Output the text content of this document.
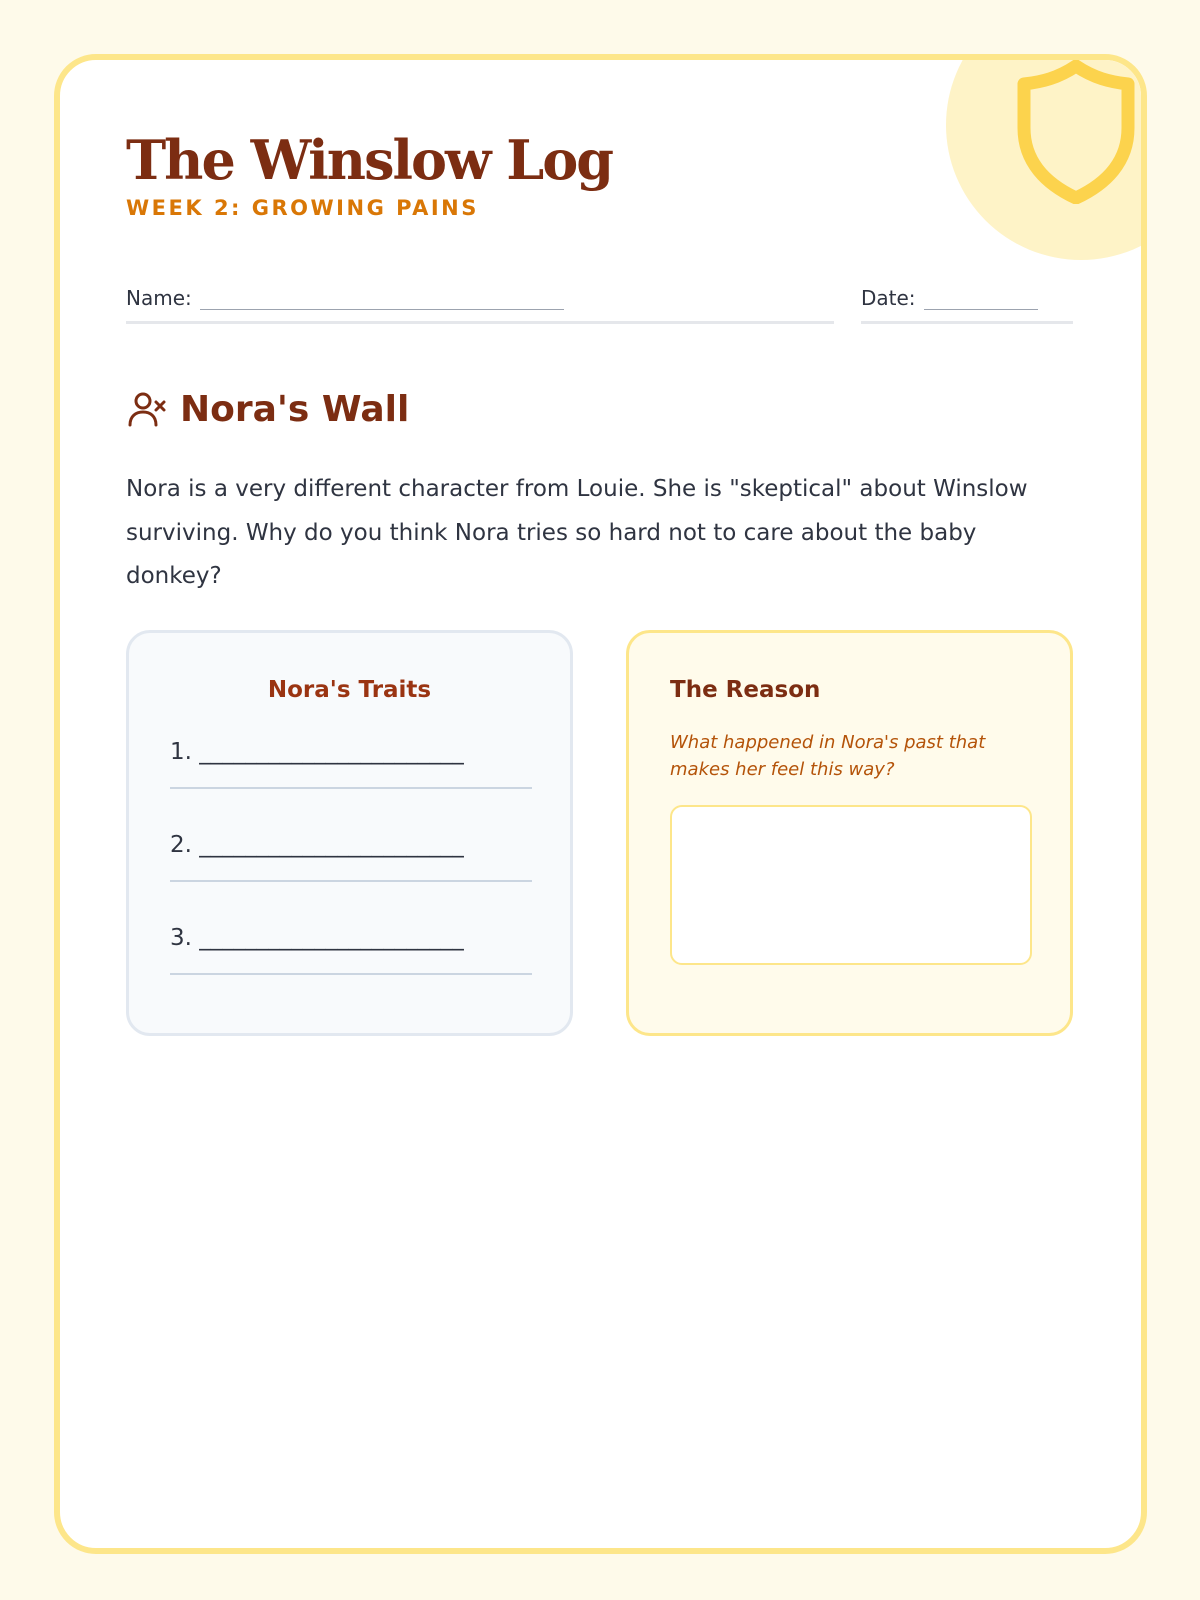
The Winslow Log
WEEK 2: GROWING PAINS
Name:	Date:
Nora's Wall

Nora is a very different character from Louie. She is "skeptical" about Winslow surviving. Why do you think Nora tries so hard not to care about the baby donkey?

Nora's Traits
1. _______________________
2. _______________________
3. _______________________
The Reason

What happened in Nora's past that makes her feel this way?
